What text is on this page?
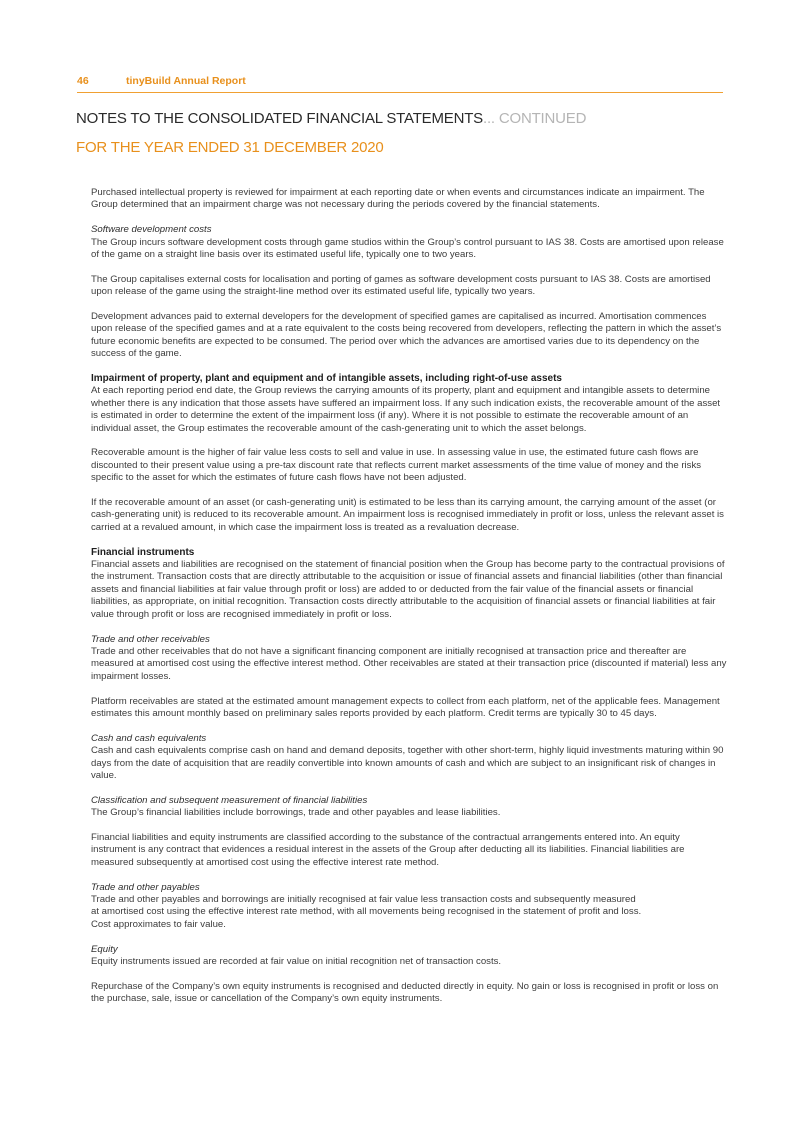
46	tinyBuild Annual Report
NOTES TO THE CONSOLIDATED FINANCIAL STATEMENTS... CONTINUED
FOR THE YEAR ENDED 31 DECEMBER 2020

Purchased intellectual property is reviewed for impairment at each reporting date or when events and circumstances indicate an impairment. The Group determined that an impairment charge was not necessary during the periods covered by the financial statements.

Software development costs

The Group incurs software development costs through game studios within the Group’s control pursuant to IAS 38. Costs are amortised upon release of the game on a straight line basis over its estimated useful life, typically one to two years.

The Group capitalises external costs for localisation and porting of games as software development costs pursuant to IAS 38. Costs are amortised upon release of the game using the straight-line method over its estimated useful life, typically two years.

Development advances paid to external developers for the development of specified games are capitalised as incurred. Amortisation commences upon release of the specified games and at a rate equivalent to the costs being recovered from developers, reflecting the pattern in which the asset’s future economic benefits are expected to be consumed. The period over which the advances are amortised varies due to its dependency on the success of the game.

Impairment of property, plant and equipment and of intangible assets, including right-of-use assets

At each reporting period end date, the Group reviews the carrying amounts of its property, plant and equipment and intangible assets to determine whether there is any indication that those assets have suffered an impairment loss. If any such indication exists, the recoverable amount of the asset is estimated in order to determine the extent of the impairment loss (if any). Where it is not possible to estimate the recoverable amount of an individual asset, the Group estimates the recoverable amount of the cash-generating unit to which the asset belongs.

Recoverable amount is the higher of fair value less costs to sell and value in use. In assessing value in use, the estimated future cash flows are discounted to their present value using a pre-tax discount rate that reflects current market assessments of the time value of money and the risks specific to the asset for which the estimates of future cash flows have not been adjusted.

If the recoverable amount of an asset (or cash-generating unit) is estimated to be less than its carrying amount, the carrying amount of the asset (or cash-generating unit) is reduced to its recoverable amount. An impairment loss is recognised immediately in profit or loss, unless the relevant asset is carried at a revalued amount, in which case the impairment loss is treated as a revaluation decrease.

Financial instruments

Financial assets and liabilities are recognised on the statement of financial position when the Group has become party to the contractual provisions of the instrument. Transaction costs that are directly attributable to the acquisition or issue of financial assets and financial liabilities (other than financial assets and financial liabilities at fair value through profit or loss) are added to or deducted from the fair value of the financial assets or financial liabilities, as appropriate, on initial recognition. Transaction costs directly attributable to the acquisition of financial assets or financial liabilities at fair value through profit or loss are recognised immediately in profit or loss.

Trade and other receivables

Trade and other receivables that do not have a significant financing component are initially recognised at transaction price and thereafter are measured at amortised cost using the effective interest method. Other receivables are stated at their transaction price (discounted if material) less any impairment losses.

Platform receivables are stated at the estimated amount management expects to collect from each platform, net of the applicable fees. Management estimates this amount monthly based on preliminary sales reports provided by each platform. Credit terms are typically 30 to 45 days.

Cash and cash equivalents

Cash and cash equivalents comprise cash on hand and demand deposits, together with other short-term, highly liquid investments maturing within 90 days from the date of acquisition that are readily convertible into known amounts of cash and which are subject to an insignificant risk of changes in value.

Classification and subsequent measurement of financial liabilities

The Group’s financial liabilities include borrowings, trade and other payables and lease liabilities.

Financial liabilities and equity instruments are classified according to the substance of the contractual arrangements entered into. An equity instrument is any contract that evidences a residual interest in the assets of the Group after deducting all its liabilities. Financial liabilities are measured subsequently at amortised cost using the effective interest rate method.

Trade and other payables
Trade and other payables and borrowings are initially recognised at fair value less transaction costs and subsequently measured
at amortised cost using the effective interest rate method, with all movements being recognised in the statement of profit and loss.

Cost approximates to fair value.

Equity

Equity instruments issued are recorded at fair value on initial recognition net of transaction costs.

Repurchase of the Company’s own equity instruments is recognised and deducted directly in equity. No gain or loss is recognised in profit or loss on the purchase, sale, issue or cancellation of the Company’s own equity instruments.
